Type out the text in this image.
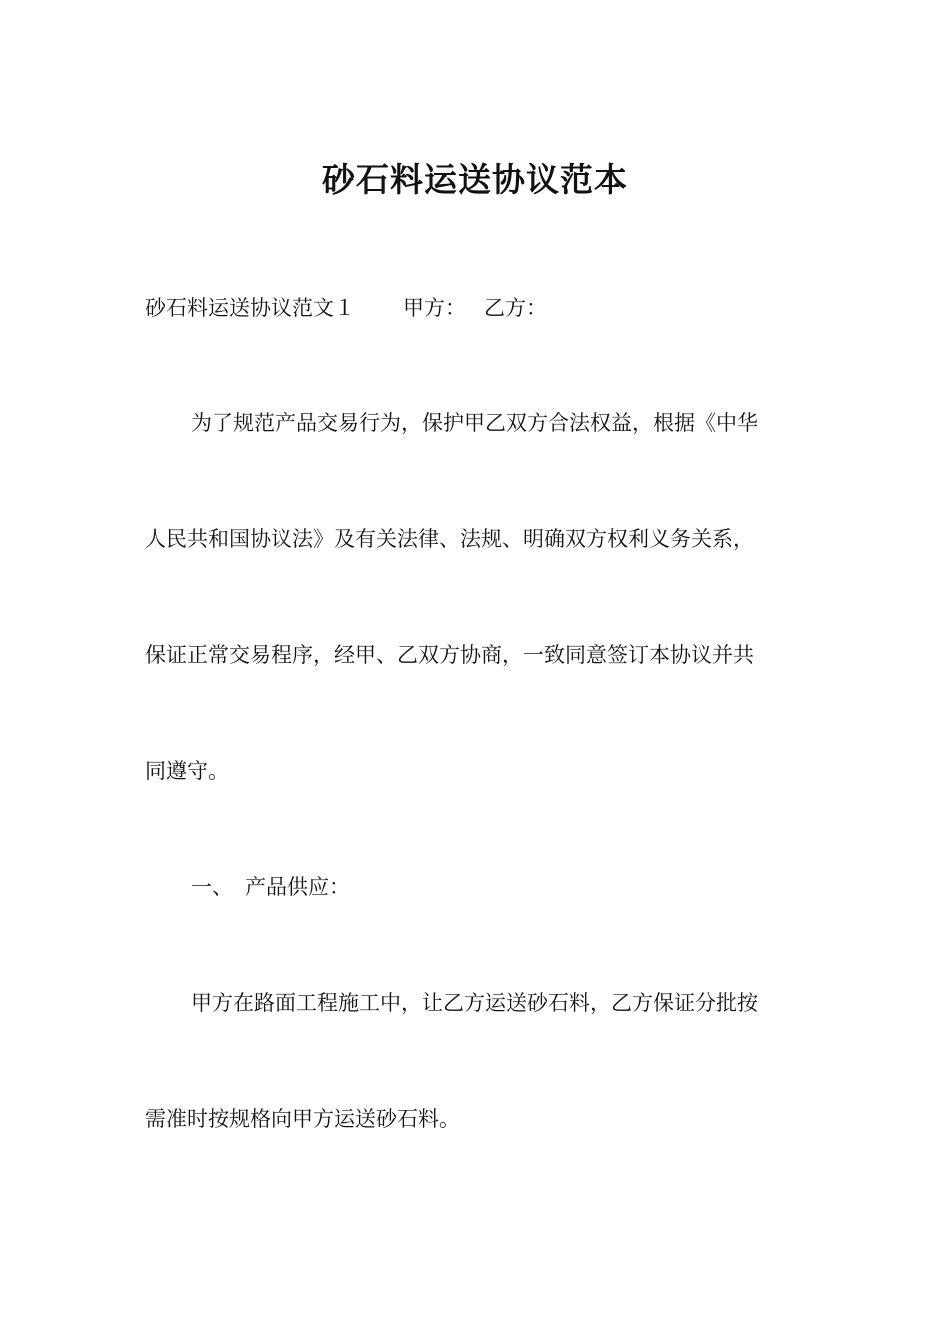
砂石料运送协议范本
砂石料运送协议范文１ 甲方： 乙方：
为了规范产品交易行为，保护甲乙双方合法权益，根据《中华
人民共和国协议法》及有关法律、法规、明确双方权利义务关系，
保证正常交易程序，经甲、乙双方协商，一致同意签订本协议并共
同遵守。
一、 产品供应：
甲方在路面工程施工中，让乙方运送砂石料，乙方保证分批按
需准时按规格向甲方运送砂石料。
